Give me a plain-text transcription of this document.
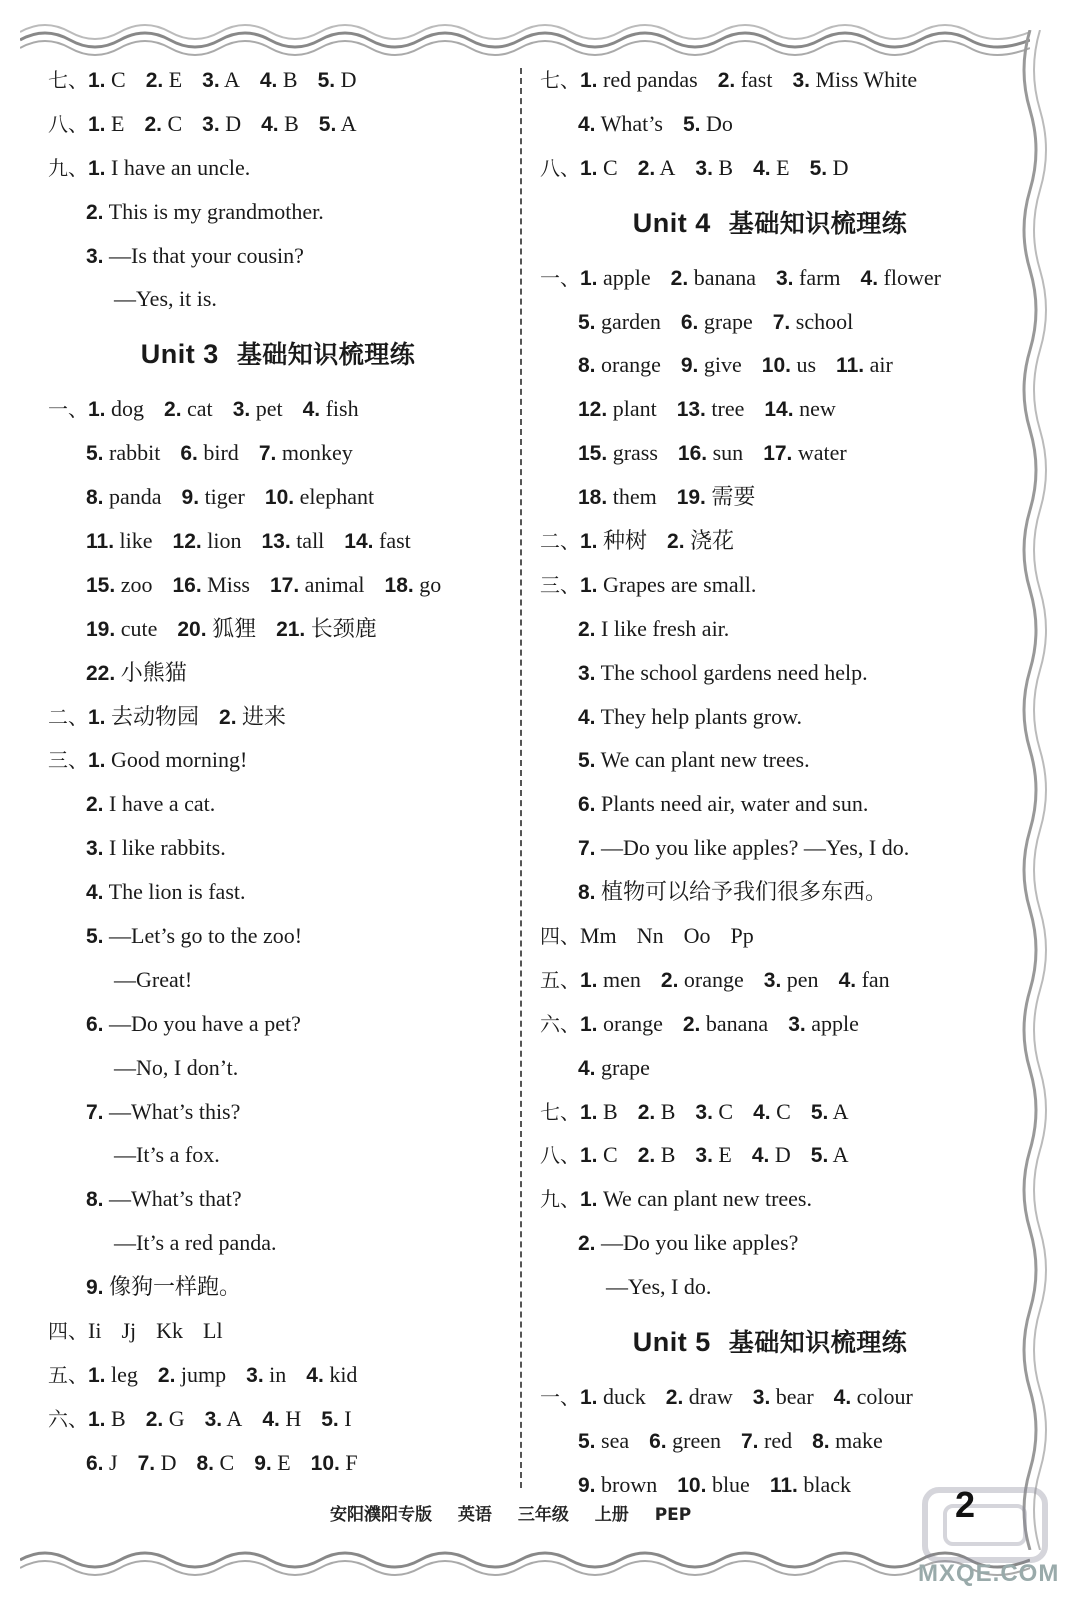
七、1. C 2. E 3. A 4. B 5. D
八、1. E 2. C 3. D 4. B 5. A
九、1. I have an uncle.
2. This is my grandmother.
3. —Is that your cousin?
—Yes, it is.
Unit 3 基础知识梳理练
一、1. dog 2. cat 3. pet 4. fish
5. rabbit 6. bird 7. monkey
8. panda 9. tiger 10. elephant
11. like 12. lion 13. tall 14. fast
15. zoo 16. Miss 17. animal 18. go
19. cute 20. 狐狸 21. 长颈鹿
22. 小熊猫
二、1. 去动物园 2. 进来
三、1. Good morning!
2. I have a cat.
3. I like rabbits.
4. The lion is fast.
5. —Let’s go to the zoo!
—Great!
6. —Do you have a pet?
—No, I don’t.
7. —What’s this?
—It’s a fox.
8. —What’s that?
—It’s a red panda.
9. 像狗一样跑。
四、Ii Jj Kk Ll
五、1. leg 2. jump 3. in 4. kid
六、1. B 2. G 3. A 4. H 5. I
6. J 7. D 8. C 9. E 10. F
七、1. red pandas 2. fast 3. Miss White
4. What’s 5. Do
八、1. C 2. A 3. B 4. E 5. D
Unit 4 基础知识梳理练
一、1. apple 2. banana 3. farm 4. flower
5. garden 6. grape 7. school
8. orange 9. give 10. us 11. air
12. plant 13. tree 14. new
15. grass 16. sun 17. water
18. them 19. 需要
二、1. 种树 2. 浇花
三、1. Grapes are small.
2. I like fresh air.
3. The school gardens need help.
4. They help plants grow.
5. We can plant new trees.
6. Plants need air, water and sun.
7. —Do you like apples? —Yes, I do.
8. 植物可以给予我们很多东西。
四、Mm Nn Oo Pp
五、1. men 2. orange 3. pen 4. fan
六、1. orange 2. banana 3. apple
4. grape
七、1. B 2. B 3. C 4. C 5. A
八、1. C 2. B 3. E 4. D 5. A
九、1. We can plant new trees.
2. —Do you like apples?
—Yes, I do.
Unit 5 基础知识梳理练
一、1. duck 2. draw 3. bear 4. colour
5. sea 6. green 7. red 8. make
9. brown 10. blue 11. black
安阳濮阳专版 英语 三年级 上册 PEP	2
MXQE.COM
